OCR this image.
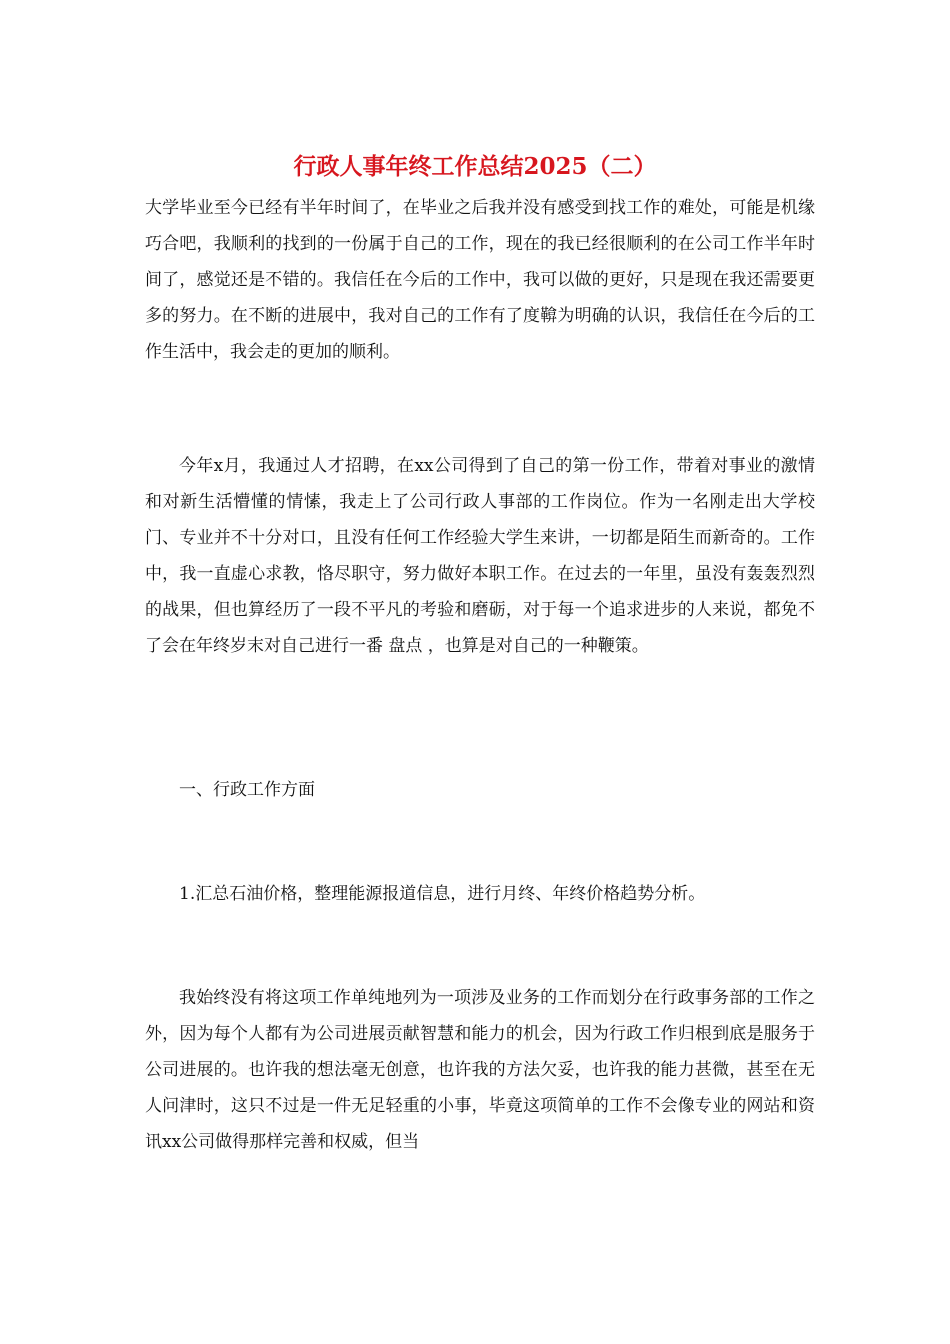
行政人事年终工作总结2025（二）

大学毕业至今已经有半年时间了，在毕业之后我并没有感受到找工作的难处，可能是机缘巧合吧，我顺利的找到的一份属于自己的工作，现在的我已经很顺利的在公司工作半年时间了，感觉还是不错的。我信任在今后的工作中，我可以做的更好，只是现在我还需要更多的努力。在不断的进展中，我对自己的工作有了度鞥为明确的认识，我信任在今后的工作生活中，我会走的更加的顺利。

今年x月，我通过人才招聘，在xx公司得到了自己的第一份工作，带着对事业的激情和对新生活懵懂的情愫，我走上了公司行政人事部的工作岗位。作为一名刚走出大学校门、专业并不十分对口，且没有任何工作经验大学生来讲，一切都是陌生而新奇的。工作中，我一直虚心求教，恪尽职守，努力做好本职工作。在过去的一年里，虽没有轰轰烈烈的战果，但也算经历了一段不平凡的考验和磨砺，对于每一个追求进步的人来说，都免不了会在年终岁末对自己进行一番 盘点 ，也算是对自己的一种鞭策。

一、行政工作方面

1.汇总石油价格，整理能源报道信息，进行月终、年终价格趋势分析。

我始终没有将这项工作单纯地列为一项涉及业务的工作而划分在行政事务部的工作之外，因为每个人都有为公司进展贡献智慧和能力的机会，因为行政工作归根到底是服务于公司进展的。也许我的想法毫无创意，也许我的方法欠妥，也许我的能力甚微，甚至在无人问津时，这只不过是一件无足轻重的小事，毕竟这项简单的工作不会像专业的网站和资讯xx公司做得那样完善和权威，但当
